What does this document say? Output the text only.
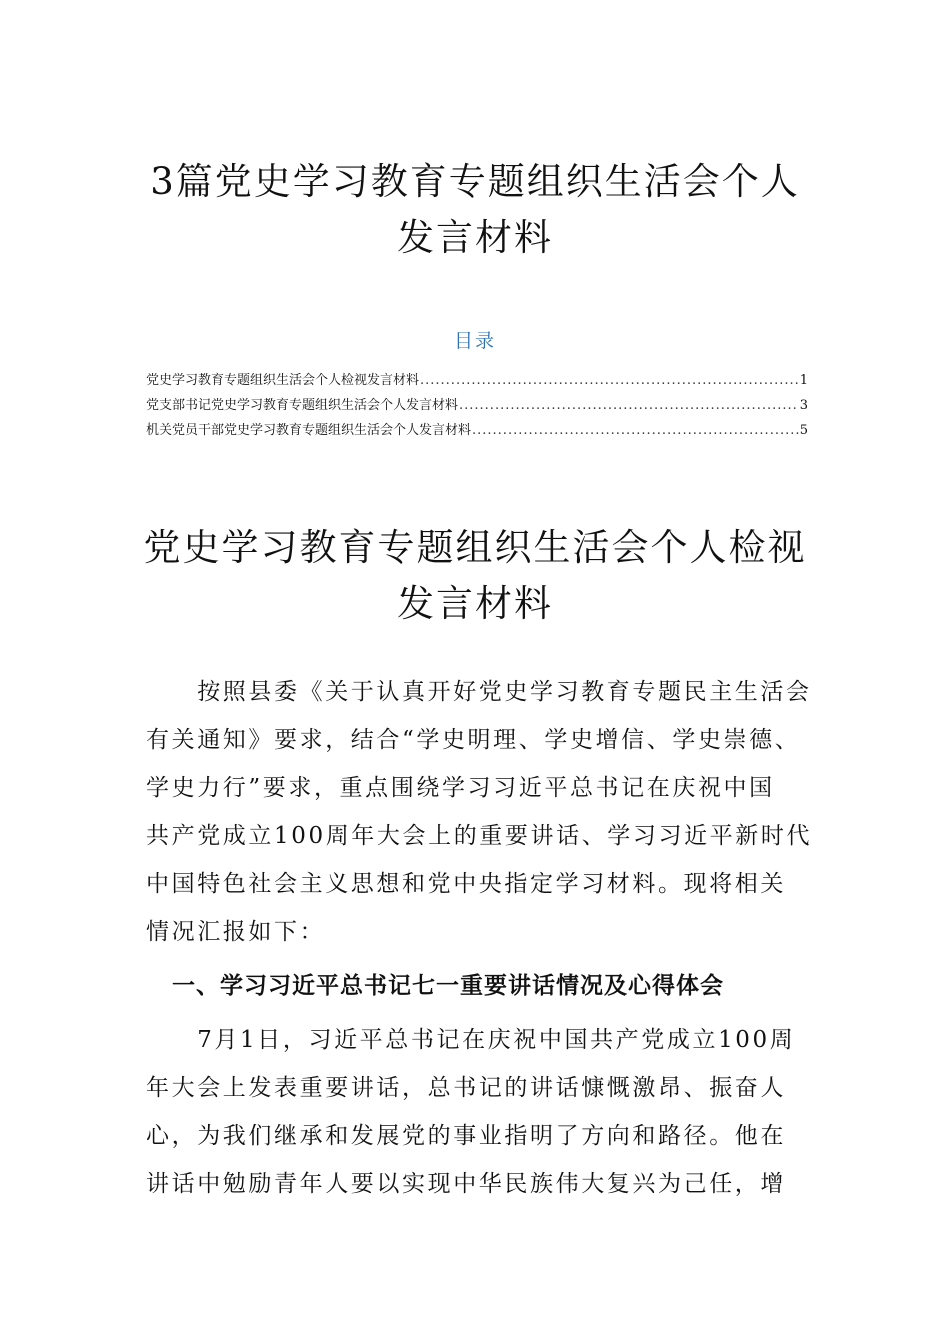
3篇党史学习教育专题组织生活会个人
发言材料
目录
党史学习教育专题组织生活会个人检视发言材料 .....	1
党支部书记党史学习教育专题组织生活会个人发言材料 .....	3
机关党员干部党史学习教育专题组织生活会个人发言材料 .....	5
党史学习教育专题组织生活会个人检视
发言材料

　　按照县委《关于认真开好党史学习教育专题民主生活会
有关通知》要求，结合“学史明理、学史增信、学史崇德、
学史力行”要求，重点围绕学习习近平总书记在庆祝中国
共产党成立100周年大会上的重要讲话、学习习近平新时代
中国特色社会主义思想和党中央指定学习材料。现将相关
情况汇报如下：

一、学习习近平总书记七一重要讲话情况及心得体会

　　7月1日，习近平总书记在庆祝中国共产党成立100周
年大会上发表重要讲话，总书记的讲话慷慨激昂、振奋人
心，为我们继承和发展党的事业指明了方向和路径。他在
讲话中勉励青年人要以实现中华民族伟大复兴为己任，增
